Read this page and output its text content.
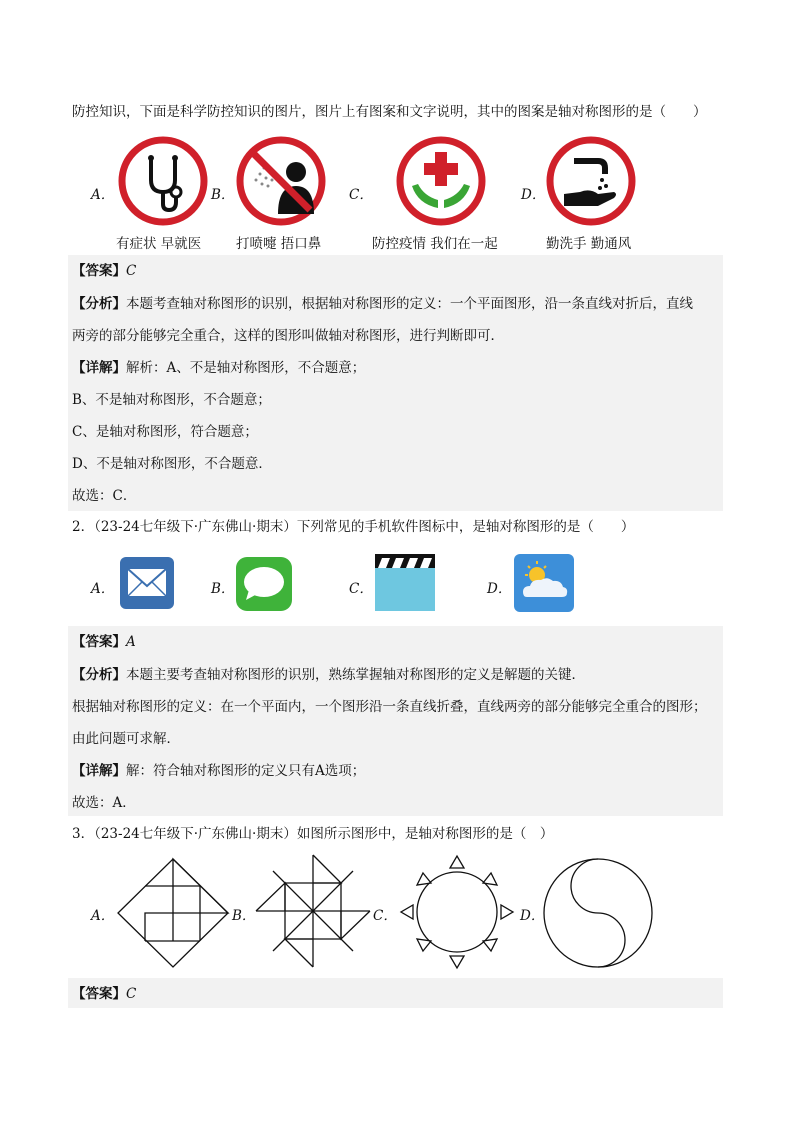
防控知识，下面是科学防控知识的图片，图片上有图案和文字说明，其中的图案是轴对称图形的是（　　）
A．
有症状 早就医
B．
打喷嚏 捂口鼻
C．
防控疫情 我们在一起
D．
勤洗手 勤通风
【答案】C
【分析】本题考查轴对称图形的识别，根据轴对称图形的定义：一个平面图形，沿一条直线对折后，直线
两旁的部分能够完全重合，这样的图形叫做轴对称图形，进行判断即可．
【详解】解析：A、不是轴对称图形，不合题意；
B、不是轴对称图形，不合题意；
C、是轴对称图形，符合题意；
D、不是轴对称图形，不合题意．
故选：C．
2．（23-24七年级下·广东佛山·期末）下列常见的手机软件图标中，是轴对称图形的是（　　）
A．	B．	C．	D．
【答案】A
【分析】本题主要考查轴对称图形的识别，熟练掌握轴对称图形的定义是解题的关键．
根据轴对称图形的定义：在一个平面内，一个图形沿一条直线折叠，直线两旁的部分能够完全重合的图形；
由此问题可求解．
【详解】解：符合轴对称图形的定义只有A选项；
故选：A．
3．（23-24七年级下·广东佛山·期末）如图所示图形中，是轴对称图形的是（　）
A．	B．	C．	D．
【答案】C
